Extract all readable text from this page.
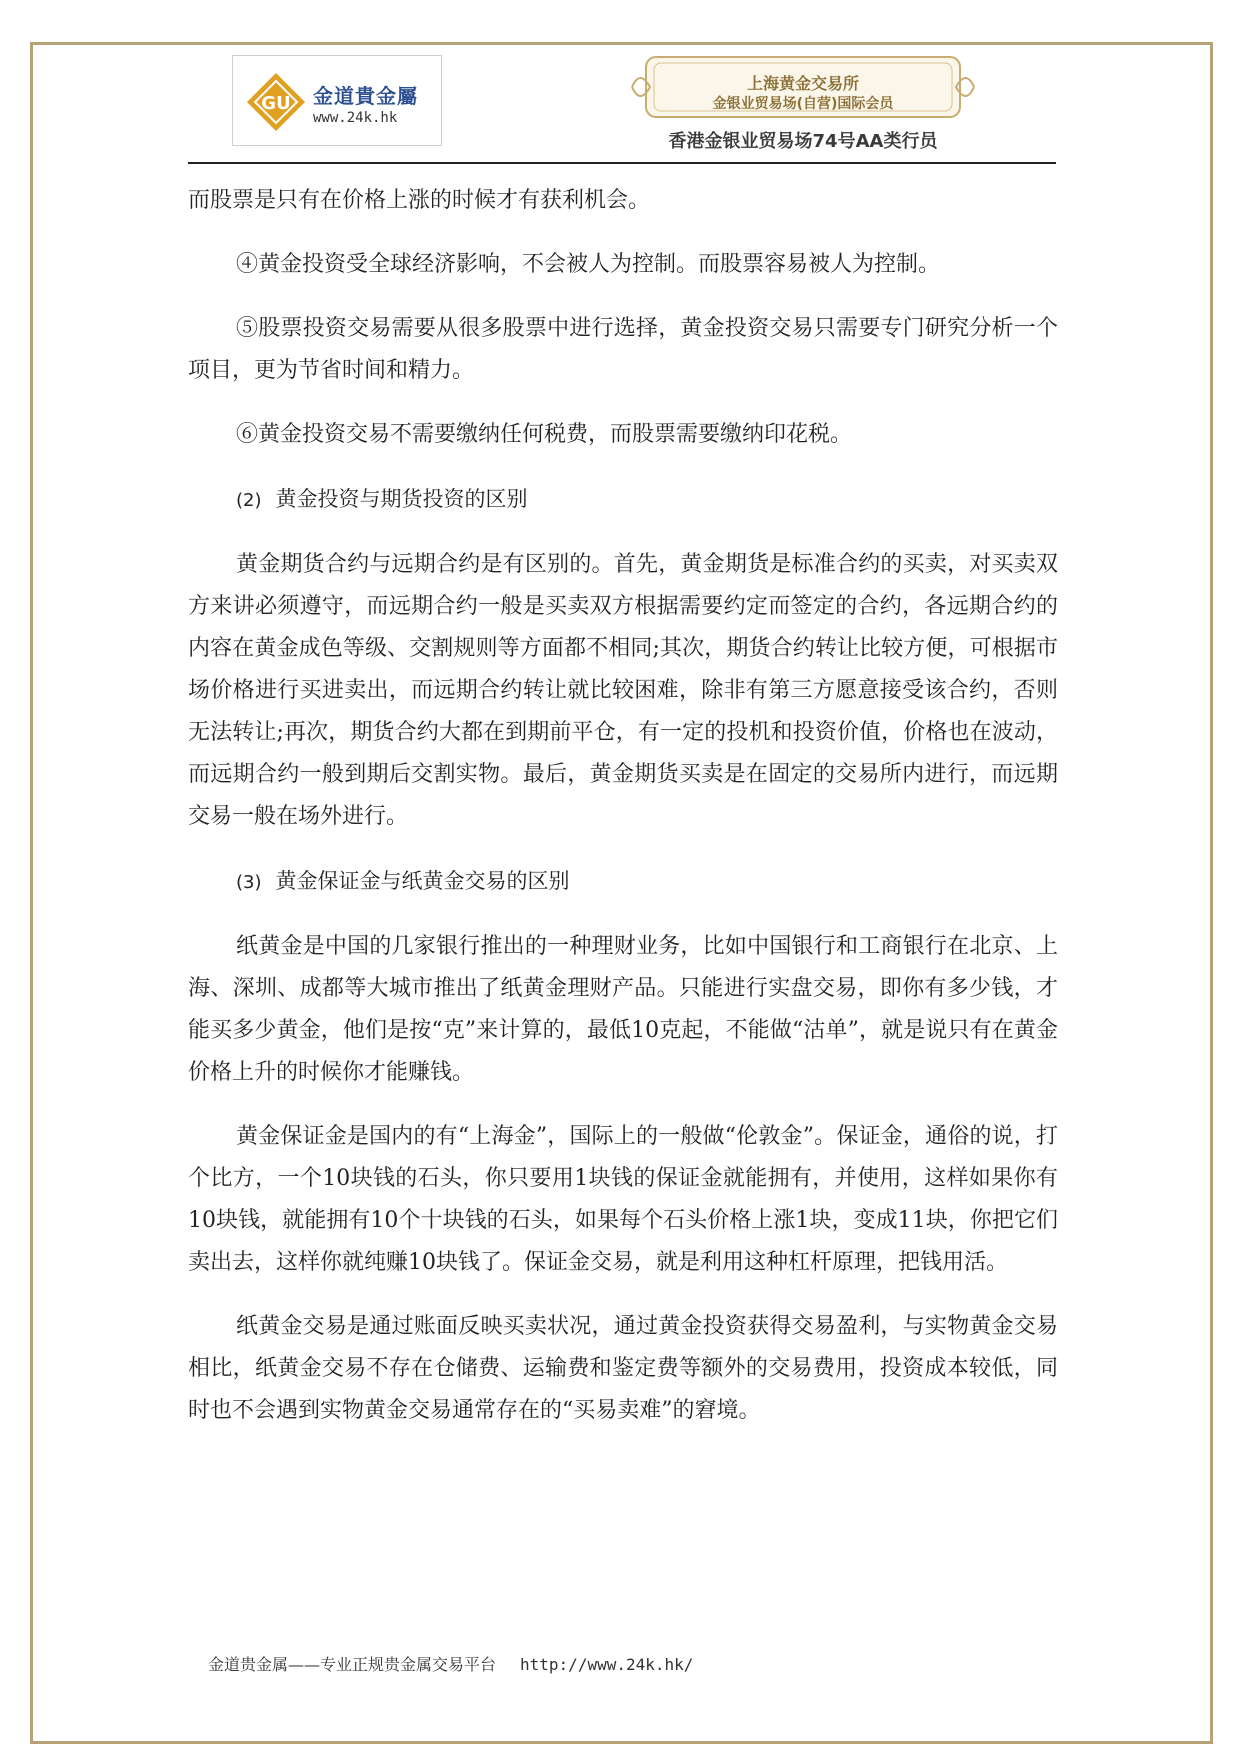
GU 金道貴金屬
www.24k.hk
上海黄金交易所
金银业贸易场(自营)国际会员
香港金银业贸易场74号AA类行员

而股票是只有在价格上涨的时候才有获利机会。

④黄金投资受全球经济影响，不会被人为控制。而股票容易被人为控制。

⑤股票投资交易需要从很多股票中进行选择，黄金投资交易只需要专门研究分析一个项目，更为节省时间和精力。

⑥黄金投资交易不需要缴纳任何税费，而股票需要缴纳印花税。

(2) 黄金投资与期货投资的区别

黄金期货合约与远期合约是有区别的。首先，黄金期货是标准合约的买卖，对买卖双方来讲必须遵守，而远期合约一般是买卖双方根据需要约定而签定的合约，各远期合约的内容在黄金成色等级、交割规则等方面都不相同;其次，期货合约转让比较方便，可根据市场价格进行买进卖出，而远期合约转让就比较困难，除非有第三方愿意接受该合约，否则无法转让;再次，期货合约大都在到期前平仓，有一定的投机和投资价值，价格也在波动，而远期合约一般到期后交割实物。最后，黄金期货买卖是在固定的交易所内进行，而远期交易一般在场外进行。

(3) 黄金保证金与纸黄金交易的区别

纸黄金是中国的几家银行推出的一种理财业务，比如中国银行和工商银行在北京、上海、深圳、成都等大城市推出了纸黄金理财产品。只能进行实盘交易，即你有多少钱，才能买多少黄金，他们是按“克”来计算的，最低10克起，不能做“沽单”，就是说只有在黄金价格上升的时候你才能赚钱。

黄金保证金是国内的有“上海金”，国际上的一般做“伦敦金”。保证金，通俗的说，打个比方，一个10块钱的石头，你只要用1块钱的保证金就能拥有，并使用，这样如果你有10块钱，就能拥有10个十块钱的石头，如果每个石头价格上涨1块，变成11块，你把它们卖出去，这样你就纯赚10块钱了。保证金交易，就是利用这种杠杆原理，把钱用活。

纸黄金交易是通过账面反映买卖状况，通过黄金投资获得交易盈利，与实物黄金交易相比，纸黄金交易不存在仓储费、运输费和鉴定费等额外的交易费用，投资成本较低，同时也不会遇到实物黄金交易通常存在的“买易卖难”的窘境。

金道贵金属——专业正规贵金属交易平台 http://www.24k.hk/
